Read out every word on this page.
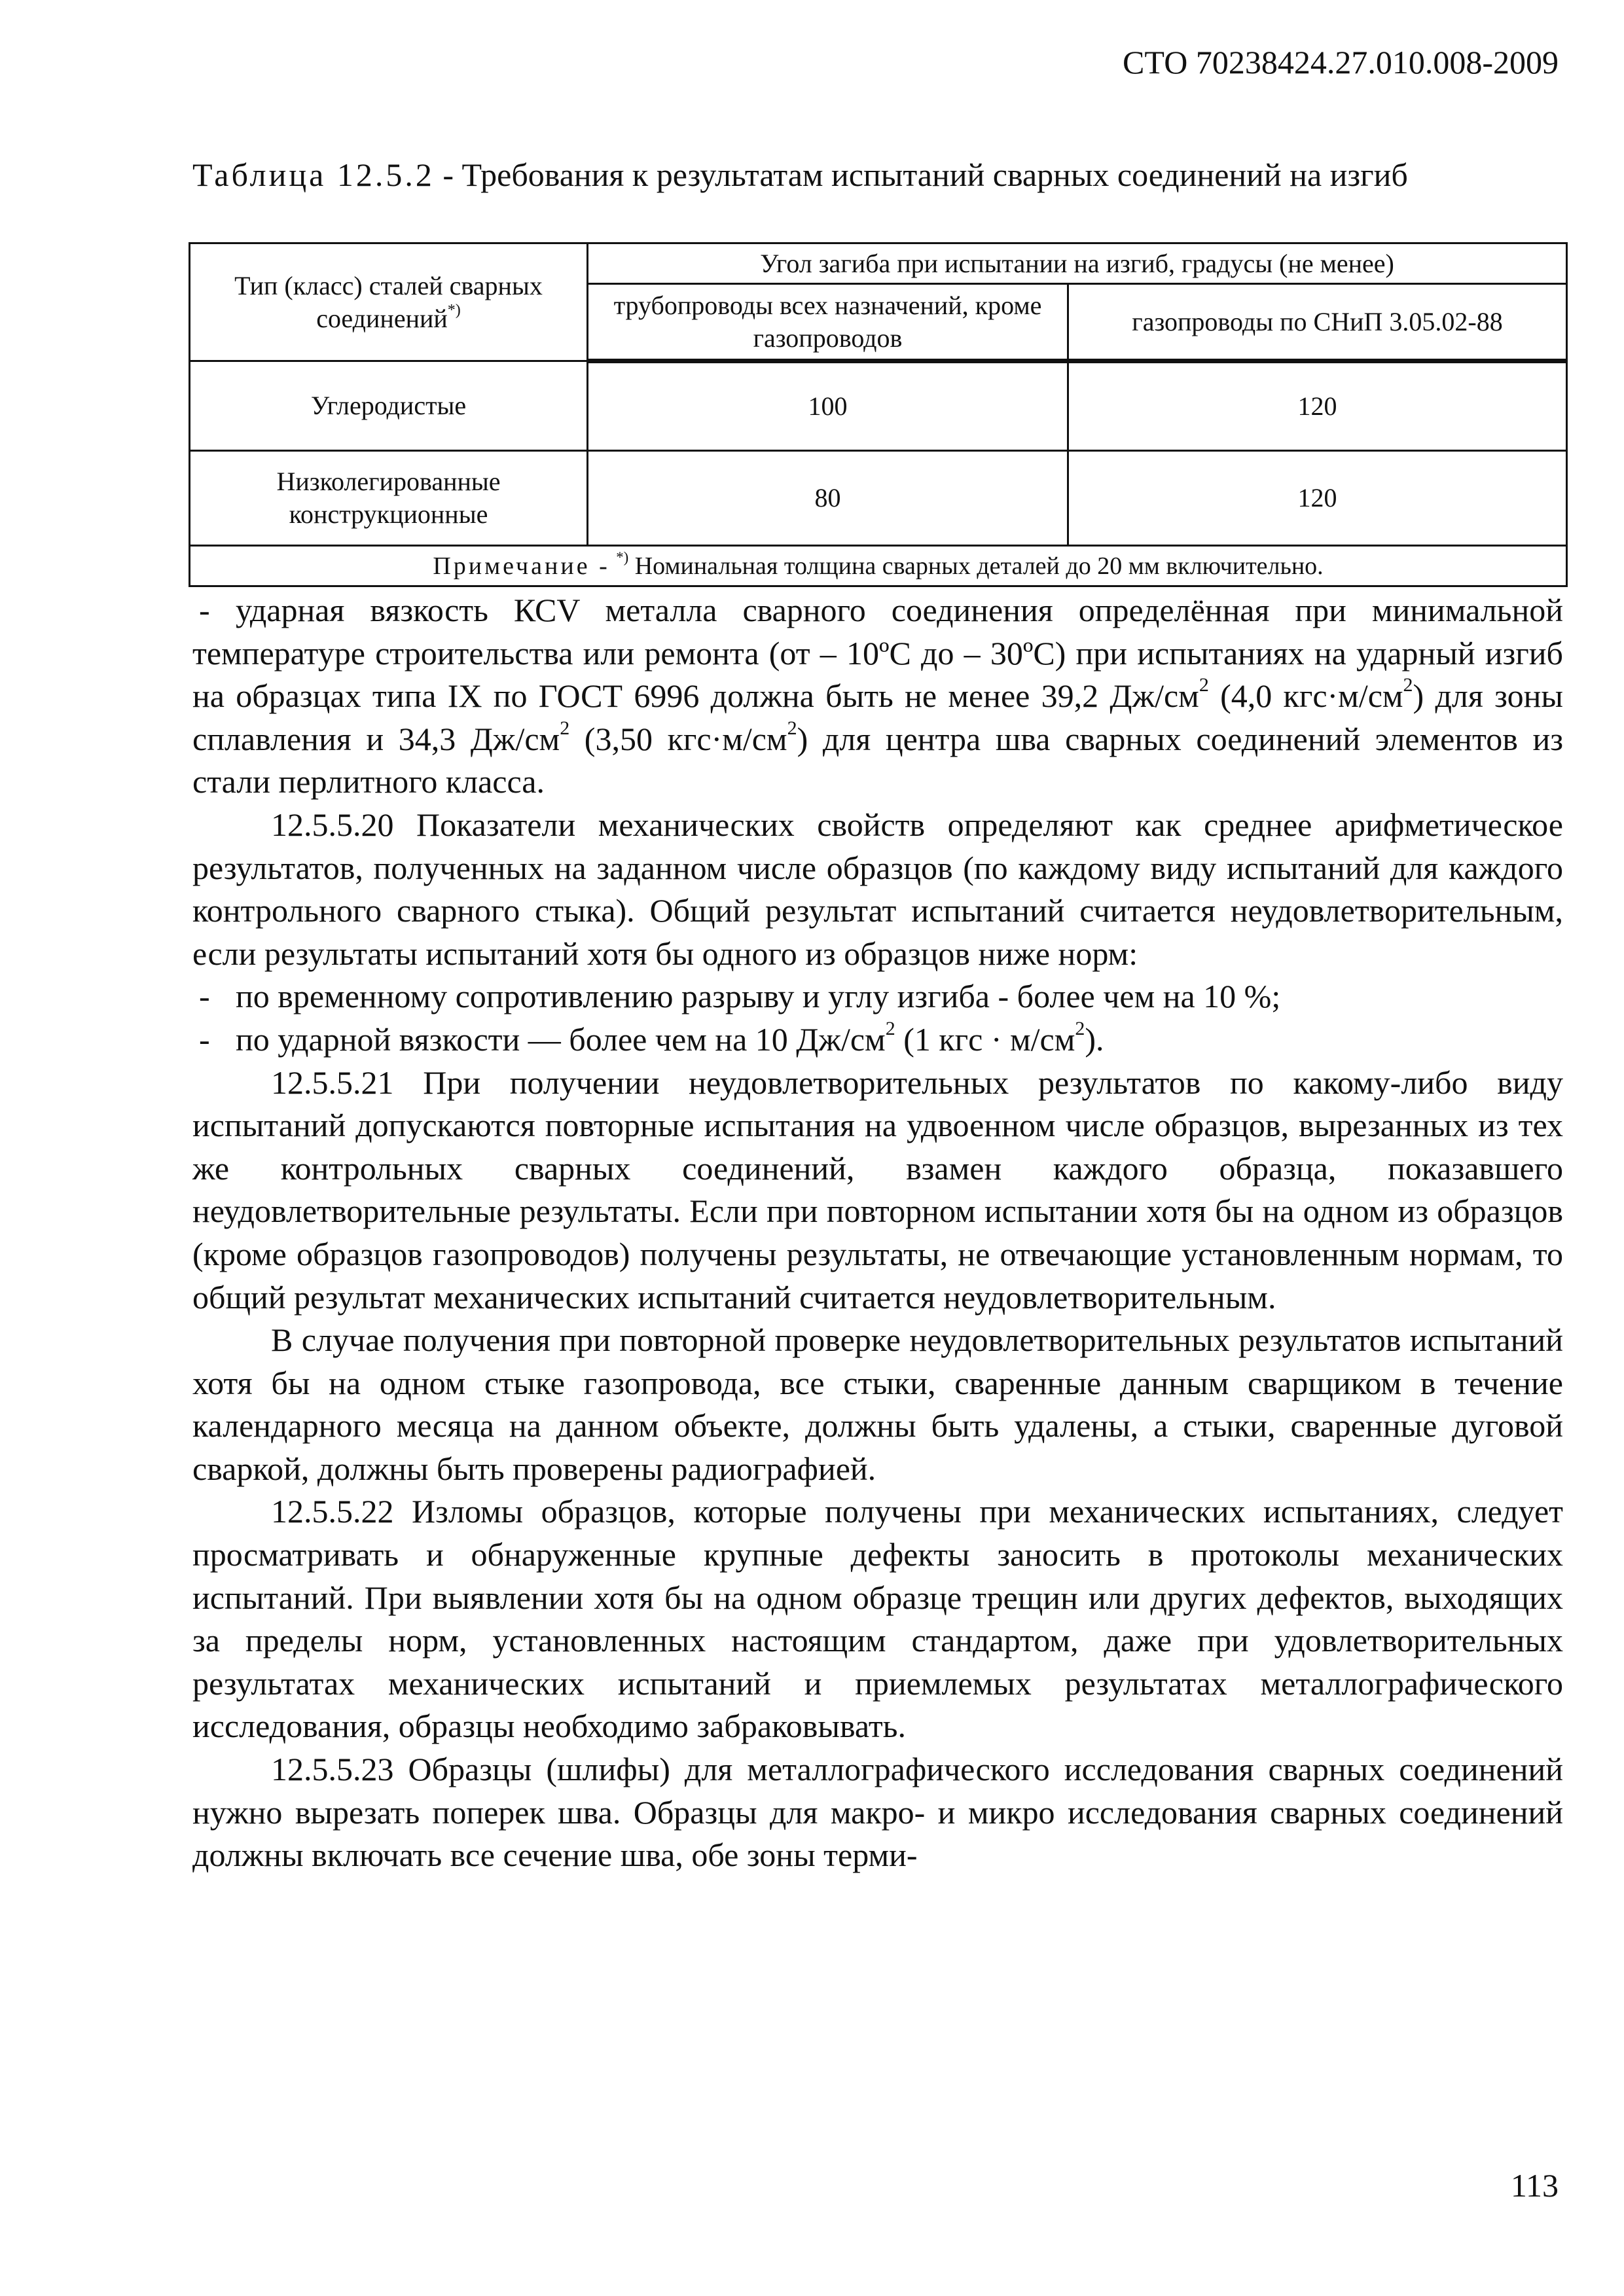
СТО 70238424.27.010.008-2009
Таблица 12.5.2 - Требования к результатам испытаний сварных соединений на изгиб
Тип (класс) сталей сварных соединений*)	Угол загиба при испытании на изгиб, градусы (не менее)	
	трубопроводы всех назначений, кроме газопроводов	газопроводы по СНиП 3.05.02-88
Углеродистые	100	120
Низколегированные конструкционные	80	120
Примечание - *) Номинальная толщина сварных деталей до 20 мм включительно.		

- ударная вязкость КСV металла сварного соединения определённая при минимальной температуре строительства или ремонта (от – 10ºС до – 30ºС) при испытаниях на ударный изгиб на образцах типа IX по ГОСТ 6996 должна быть не менее 39,2 $Дж/см^2$ (4,0 $кгс\cdot м/см^2$) для зоны сплавления и 34,3 $Дж/см^2$ (3,50 $кгс\cdot м/см^2$) для центра шва сварных соединений элементов из стали перлитного класса.

12.5.5.20 Показатели механических свойств определяют как среднее арифметическое результатов, полученных на заданном числе образцов (по каждому виду испытаний для каждого контрольного сварного стыка). Общий результат испытаний считается неудовлетворительным, если результаты испытаний хотя бы одного из образцов ниже норм:

- по временному сопротивлению разрыву и углу изгиба - более чем на 10 %;

- по ударной вязкости — более чем на 10 $Дж/см^2$ (1 кгс · $м/см^2$).

12.5.5.21 При получении неудовлетворительных результатов по какому-либо виду испытаний допускаются повторные испытания на удвоенном числе образцов, вырезанных из тех же контрольных сварных соединений, взамен каждого образца, показавшего неудовлетворительные результаты. Если при повторном испытании хотя бы на одном из образцов (кроме образцов газопроводов) получены результаты, не отвечающие установленным нормам, то общий результат механических испытаний считается неудовлетворительным.

В случае получения при повторной проверке неудовлетворительных результатов испытаний хотя бы на одном стыке газопровода, все стыки, сваренные данным сварщиком в течение календарного месяца на данном объекте, должны быть удалены, а стыки, сваренные дуговой сваркой, должны быть проверены радиографией.

12.5.5.22 Изломы образцов, которые получены при механических испытаниях, следует просматривать и обнаруженные крупные дефекты заносить в протоколы механических испытаний. При выявлении хотя бы на одном образце трещин или других дефектов, выходящих за пределы норм, установленных настоящим стандартом, даже при удовлетворительных результатах механических испытаний и приемлемых результатах металлографического исследования, образцы необходимо забраковывать.

12.5.5.23 Образцы (шлифы) для металлографического исследования сварных соединений нужно вырезать поперек шва. Образцы для макро- и микро исследования сварных соединений должны включать все сечение шва, обе зоны терми-

113
